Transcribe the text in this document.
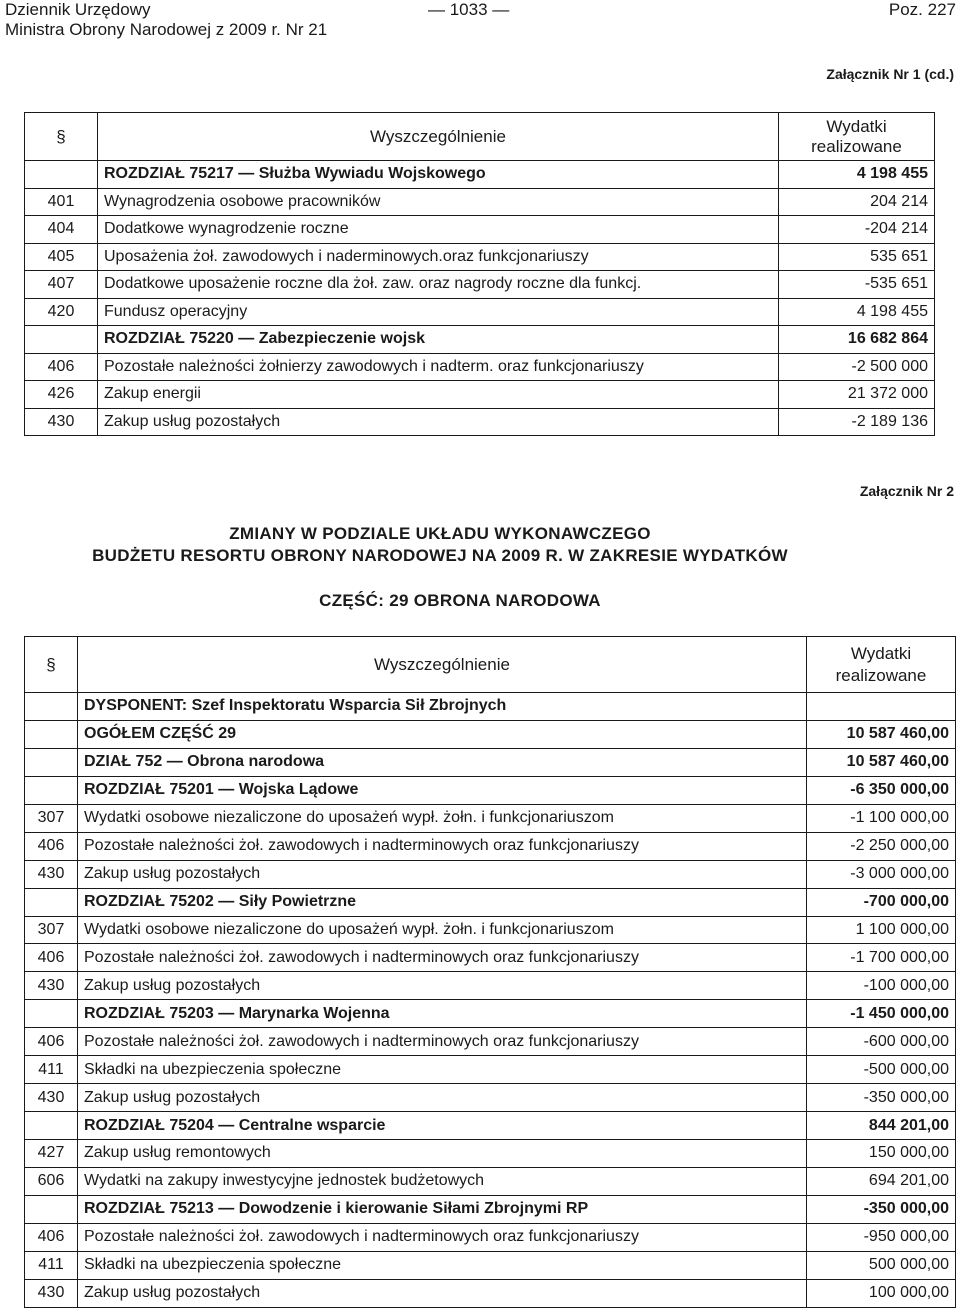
Dziennik Urzędowy	— 1033 —	Poz. 227
Ministra Obrony Narodowej z 2009 r. Nr 21
Załącznik Nr 1 (cd.)
§	Wyszczególnienie	Wydatki
realizowane
	ROZDZIAŁ 75217 — Służba Wywiadu Wojskowego	4 198 455
401	Wynagrodzenia osobowe pracowników	204 214
404	Dodatkowe wynagrodzenie roczne	-204 214
405	Uposażenia żoł. zawodowych i naderminowych.oraz funkcjonariuszy	535 651
407	Dodatkowe uposażenie roczne dla żoł. zaw. oraz nagrody roczne dla funkcj.	-535 651
420	Fundusz operacyjny	4 198 455
	ROZDZIAŁ 75220 — Zabezpieczenie wojsk	16 682 864
406	Pozostałe należności żołnierzy zawodowych i nadterm. oraz funkcjonariuszy	-2 500 000
426	Zakup energii	21 372 000
430	Zakup usług pozostałych	-2 189 136
Załącznik Nr 2
ZMIANY W PODZIALE UKŁADU WYKONAWCZEGO
BUDŻETU RESORTU OBRONY NARODOWEJ NA 2009 R. W ZAKRESIE WYDATKÓW
CZĘŚĆ: 29 OBRONA NARODOWA
§	Wyszczególnienie	Wydatki
realizowane
	DYSPONENT: Szef Inspektoratu Wsparcia Sił Zbrojnych	
	OGÓŁEM CZĘŚĆ 29	10 587 460,00
	DZIAŁ 752 — Obrona narodowa	10 587 460,00
	ROZDZIAŁ 75201 — Wojska Lądowe	-6 350 000,00
307	Wydatki osobowe niezaliczone do uposażeń wypł. żołn. i funkcjonariuszom	-1 100 000,00
406	Pozostałe należności żoł. zawodowych i nadterminowych oraz funkcjonariuszy	-2 250 000,00
430	Zakup usług pozostałych	-3 000 000,00
	ROZDZIAŁ 75202 — Siły Powietrzne	-700 000,00
307	Wydatki osobowe niezaliczone do uposażeń wypł. żołn. i funkcjonariuszom	1 100 000,00
406	Pozostałe należności żoł. zawodowych i nadterminowych oraz funkcjonariuszy	-1 700 000,00
430	Zakup usług pozostałych	-100 000,00
	ROZDZIAŁ 75203 — Marynarka Wojenna	-1 450 000,00
406	Pozostałe należności żoł. zawodowych i nadterminowych oraz funkcjonariuszy	-600 000,00
411	Składki na ubezpieczenia społeczne	-500 000,00
430	Zakup usług pozostałych	-350 000,00
	ROZDZIAŁ 75204 — Centralne wsparcie	844 201,00
427	Zakup usług remontowych	150 000,00
606	Wydatki na zakupy inwestycyjne jednostek budżetowych	694 201,00
	ROZDZIAŁ 75213 — Dowodzenie i kierowanie Siłami Zbrojnymi RP	-350 000,00
406	Pozostałe należności żoł. zawodowych i nadterminowych oraz funkcjonariuszy	-950 000,00
411	Składki na ubezpieczenia społeczne	500 000,00
430	Zakup usług pozostałych	100 000,00
